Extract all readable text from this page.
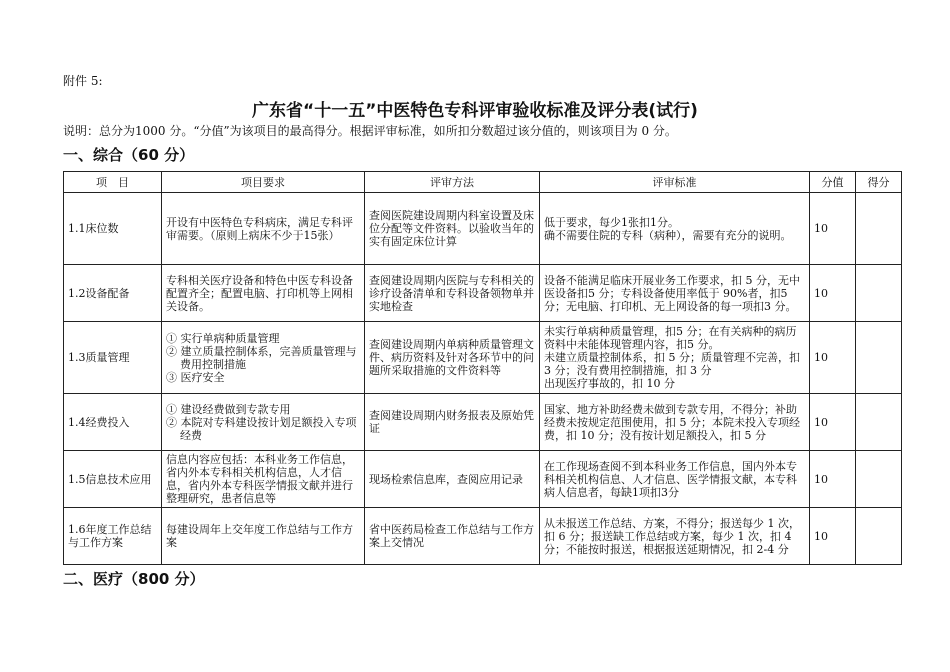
附件 5:
广东省“十一五”中医特色专科评审验收标准及评分表(试行)
说明：总分为1000 分。“分值”为该项目的最高得分。根据评审标准，如所扣分数超过该分值的，则该项目为 0 分。
一、综合（60 分）
项　目	项目要求	评审方法	评审标准	分值	得分
1.1床位数	开设有中医特色专科病床，满足专科评审需要。（原则上病床不少于15张）	查阅医院建设周期内科室设置及床位分配等文件资料。以验收当年的实有固定床位计算	低于要求，每少1张扣1分。
确不需要住院的专科（病种），需要有充分的说明。	10	
1.2设备配备	专科相关医疗设备和特色中医专科设备配置齐全；配置电脑、打印机等上网相关设备。	查阅建设周期内医院与专科相关的诊疗设备清单和专科设备领物单并实地检查	设备不能满足临床开展业务工作要求，扣 5 分，无中医设备扣5 分；专科设备使用率低于 90%者，扣5 分；无电脑、打印机、无上网设备的每一项扣3 分。	10	
1.3质量管理	① 实行单病种质量管理
② 建立质量控制体系，完善质量管理与费用控制措施
③ 医疗安全	查阅建设周期内单病种质量管理文件、病历资料及针对各环节中的问题所采取措施的文件资料等	未实行单病种质量管理，扣5 分；在有关病种的病历资料中未能体现管理内容，扣5 分。
未建立质量控制体系，扣 5 分；质量管理不完善，扣3 分；没有费用控制措施，扣 3 分
出现医疗事故的，扣 10 分	10	
1.4经费投入	① 建设经费做到专款专用
② 本院对专科建设按计划足额投入专项经费	查阅建设周期内财务报表及原始凭证	国家、地方补助经费未做到专款专用，不得分；补助经费未按规定范围使用，扣 5 分；本院未投入专项经费，扣 10 分；没有按计划足额投入，扣 5 分	10	
1.5信息技术应用	信息内容应包括：本科业务工作信息，省内外本专科相关机构信息，人才信息，省内外本专科医学情报文献并进行整理研究，患者信息等	现场检索信息库，查阅应用记录	在工作现场查阅不到本科业务工作信息，国内外本专科相关机构信息、人才信息、医学情报文献，本专科病人信息者，每缺1项扣3分	10	
1.6年度工作总结与工作方案	每建设周年上交年度工作总结与工作方案	省中医药局检查工作总结与工作方案上交情况	从未报送工作总结、方案，不得分；报送每少 1 次，扣 6 分；报送缺工作总结或方案，每少 1 次，扣 4 分；不能按时报送，根据报送延期情况，扣 2-4 分	10	
二、医疗（800 分）
